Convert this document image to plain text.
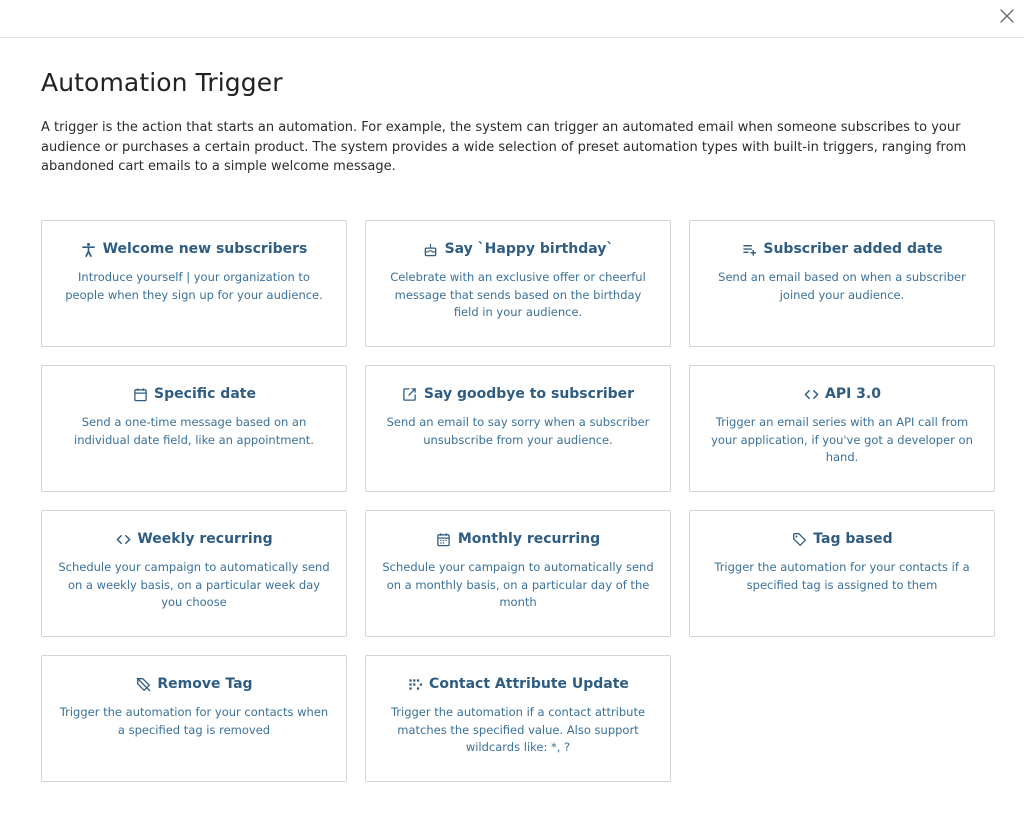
Automation Trigger

A trigger is the action that starts an automation. For example, the system can trigger an automated email when someone subscribes to your audience or purchases a certain product. The system provides a wide selection of preset automation types with built-in triggers, ranging from abandoned cart emails to a simple welcome message.

Welcome new subscribers

Introduce yourself | your organization to people when they sign up for your audience.

Say `Happy birthday`

Celebrate with an exclusive offer or cheerful message that sends based on the birthday field in your audience.

Subscriber added date

Send an email based on when a subscriber joined your audience.

Specific date

Send a one-time message based on an individual date field, like an appointment.

Say goodbye to subscriber

Send an email to say sorry when a subscriber unsubscribe from your audience.

API 3.0

Trigger an email series with an API call from your application, if you've got a developer on hand.

Weekly recurring

Schedule your campaign to automatically send on a weekly basis, on a particular week day you choose

Monthly recurring

Schedule your campaign to automatically send on a monthly basis, on a particular day of the month

Tag based

Trigger the automation for your contacts if a specified tag is assigned to them

Remove Tag

Trigger the automation for your contacts when a specified tag is removed

Contact Attribute Update

Trigger the automation if a contact attribute matches the specified value. Also support wildcards like: *, ?
